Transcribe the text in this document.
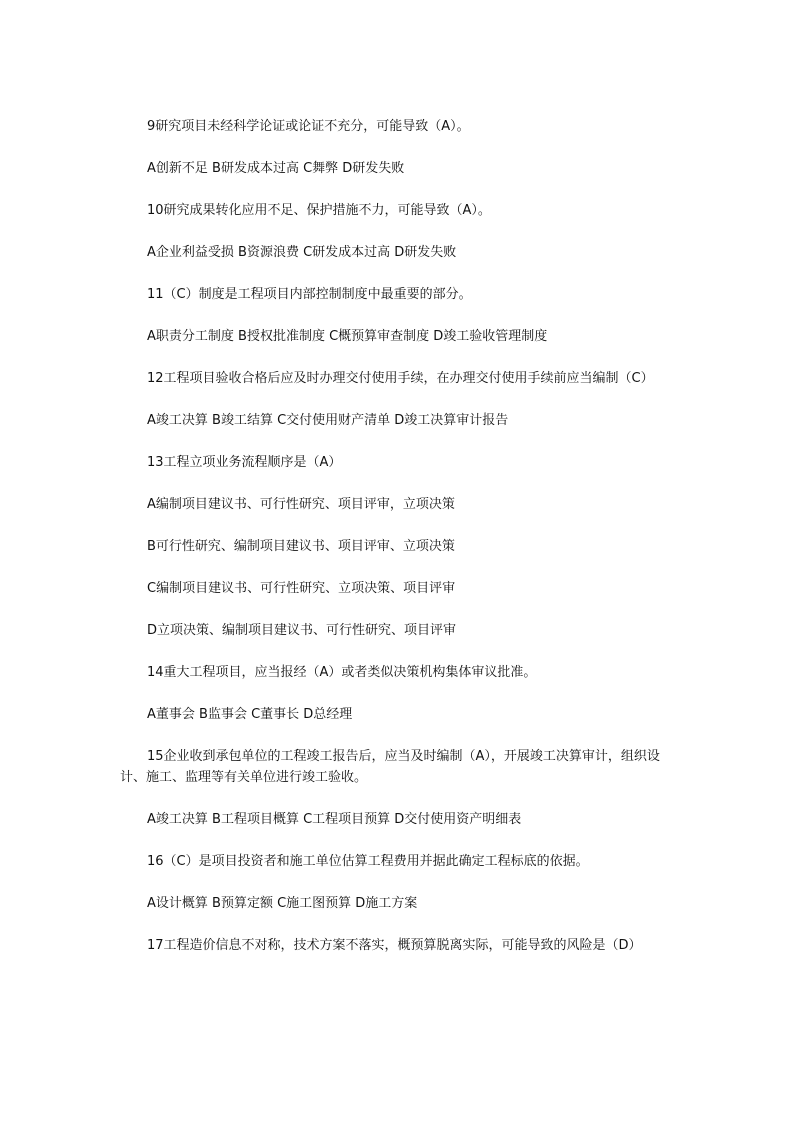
9研究项目未经科学论证或论证不充分，可能导致（A）。

A创新不足 B研发成本过高 C舞弊 D研发失败

10研究成果转化应用不足、保护措施不力，可能导致（A）。

A企业利益受损 B资源浪费 C研发成本过高 D研发失败

11（C）制度是工程项目内部控制制度中最重要的部分。

A职责分工制度 B授权批准制度 C概预算审查制度 D竣工验收管理制度

12工程项目验收合格后应及时办理交付使用手续，在办理交付使用手续前应当编制（C）

A竣工决算 B竣工结算 C交付使用财产清单 D竣工决算审计报告

13工程立项业务流程顺序是（A）

A编制项目建议书、可行性研究、项目评审，立项决策

B可行性研究、编制项目建议书、项目评审、立项决策

C编制项目建议书、可行性研究、立项决策、项目评审

D立项决策、编制项目建议书、可行性研究、项目评审

14重大工程项目，应当报经（A）或者类似决策机构集体审议批准。

A董事会 B监事会 C董事长 D总经理

15企业收到承包单位的工程竣工报告后，应当及时编制（A），开展竣工决算审计，组织设计、施工、监理等有关单位进行竣工验收。

A竣工决算 B工程项目概算 C工程项目预算 D交付使用资产明细表

16（C）是项目投资者和施工单位估算工程费用并据此确定工程标底的依据。

A设计概算 B预算定额 C施工图预算 D施工方案

17工程造价信息不对称，技术方案不落实，概预算脱离实际，可能导致的风险是（D）
